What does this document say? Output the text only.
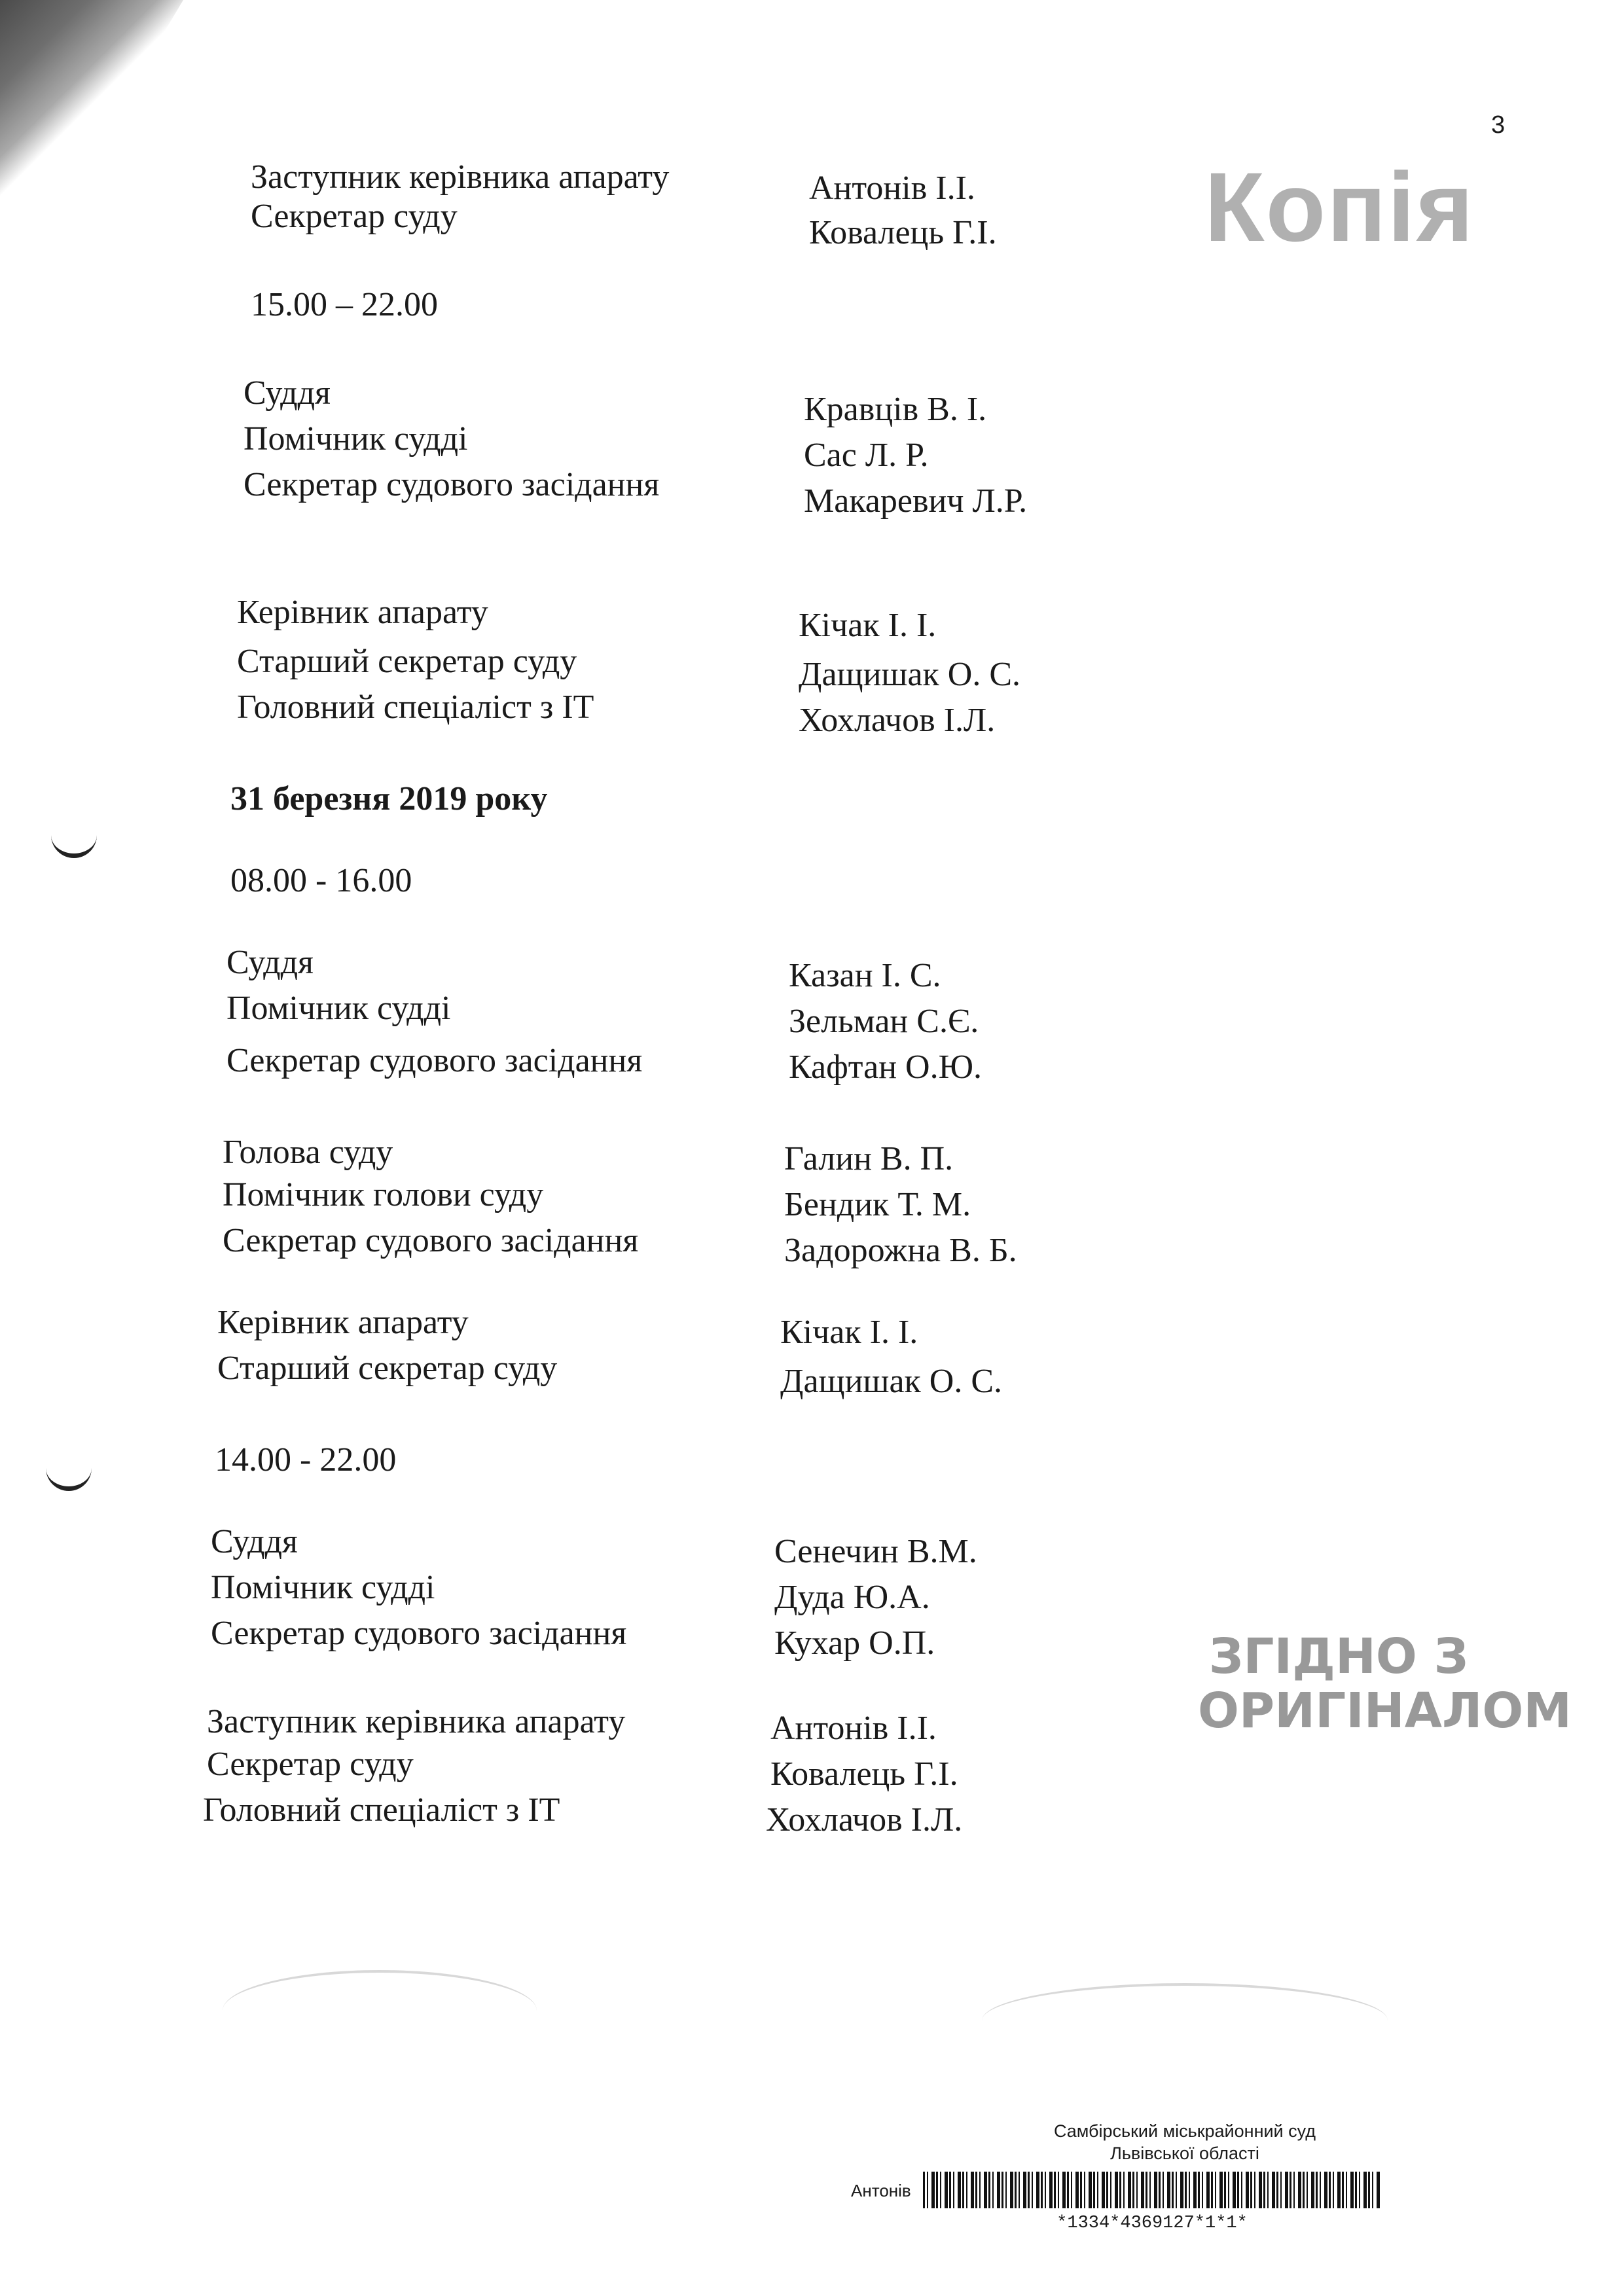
3
Копія
ЗГІДНО З
ОРИГІНАЛОМ
Заступник керівника апарату	Антонів І.І.
Секретар суду	Ковалець Г.І.
15.00 – 22.00
Суддя	Кравців В. І.
Помічник судді	Сас Л. Р.
Секретар судового засідання	Макаревич Л.Р.
Керівник апарату	Кічак І. І.
Старший секретар суду	Дащишак О. С.
Головний спеціаліст з ІТ	Хохлачов І.Л.
31 березня 2019 року
08.00 - 16.00
Суддя	Казан І. С.
Помічник судді	Зельман С.Є.
Секретар судового засідання	Кафтан О.Ю.
Голова суду	Галин В. П.
Помічник голови суду	Бендик Т. М.
Секретар судового засідання	Задорожна В. Б.
Керівник апарату	Кічак І. І.
Старший секретар суду	Дащишак О. С.
14.00 - 22.00
Суддя	Сенечин В.М.
Помічник судді	Дуда Ю.А.
Секретар судового засідання	Кухар О.П.
Заступник керівника апарату	Антонів І.І.
Секретар суду	Ковалець Г.І.
Головний спеціаліст з ІТ	Хохлачов І.Л.
Самбірський міськрайонний суд
Львівської області
Антонів
*1334*4369127*1*1*
